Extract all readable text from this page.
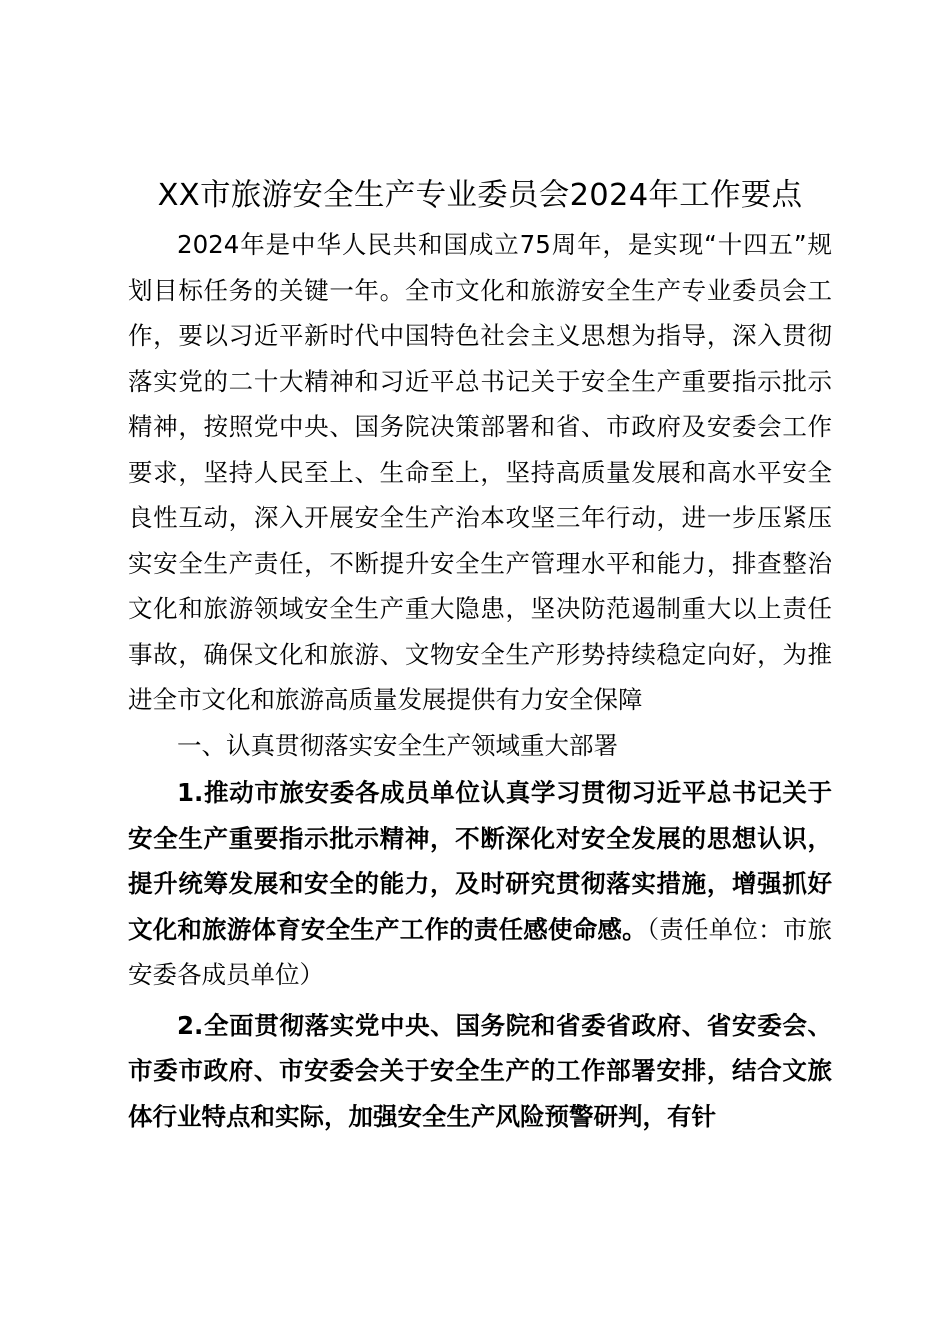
XX市旅游安全生产专业委员会2024年工作要点

2024年是中华人民共和国成立75周年，是实现“十四五”规划目标任务的关键一年。全市文化和旅游安全生产专业委员会工作，要以习近平新时代中国特色社会主义思想为指导，深入贯彻落实党的二十大精神和习近平总书记关于安全生产重要指示批示精神，按照党中央、国务院决策部署和省、市政府及安委会工作要求，坚持人民至上、生命至上，坚持高质量发展和高水平安全良性互动，深入开展安全生产治本攻坚三年行动，进一步压紧压实安全生产责任，不断提升安全生产管理水平和能力，排查整治文化和旅游领域安全生产重大隐患，坚决防范遏制重大以上责任事故，确保文化和旅游、文物安全生产形势持续稳定向好，为推进全市文化和旅游高质量发展提供有力安全保障

一、认真贯彻落实安全生产领域重大部署

1.推动市旅安委各成员单位认真学习贯彻习近平总书记关于安全生产重要指示批示精神，不断深化对安全发展的思想认识，提升统筹发展和安全的能力，及时研究贯彻落实措施，增强抓好文化和旅游体育安全生产工作的责任感使命感。（责任单位：市旅安委各成员单位）

2.全面贯彻落实党中央、国务院和省委省政府、省安委会、市委市政府、市安委会关于安全生产的工作部署安排，结合文旅体行业特点和实际，加强安全生产风险预警研判，有针
